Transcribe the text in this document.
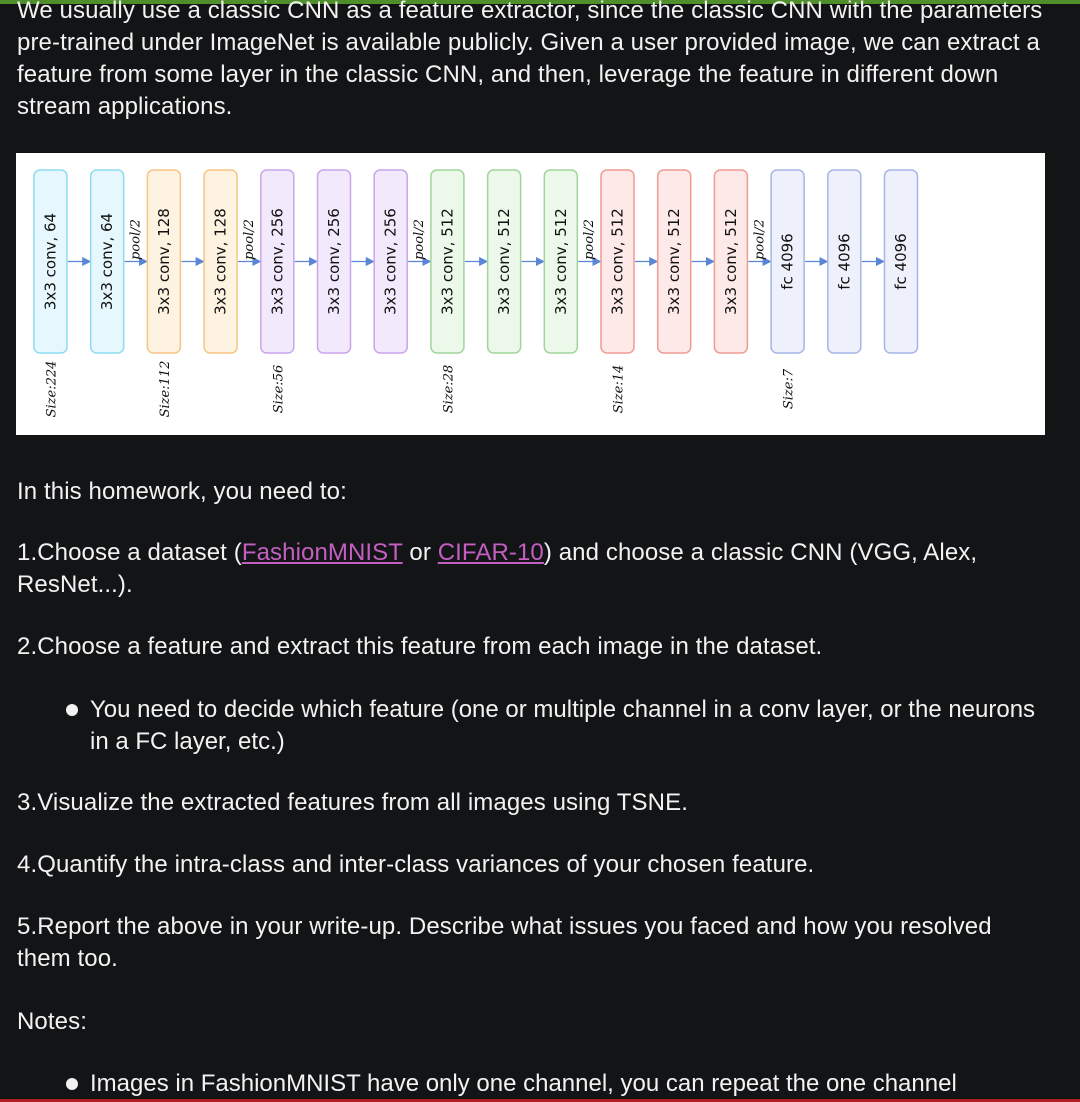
We usually use a classic CNN as a feature extractor, since the classic CNN with the parameters pre-trained under ImageNet is available publicly. Given a user provided image, we can extract a feature from some layer in the classic CNN, and then, leverage the feature in different down stream applications.

3x3 conv, 64
Size:224
3x3 conv, 64 pool/2 3x3 conv, 128
Size:112
3x3 conv, 128 pool/2 3x3 conv, 256
Size:56
3x3 conv, 256	3x3 conv, 256 pool/2 3x3 conv, 512
Size:28
3x3 conv, 512	3x3 conv, 512 pool/2 3x3 conv, 512
Size:14
3x3 conv, 512	3x3 conv, 512 pool/2 fc 4096
Size:7
fc 4096	fc 4096

In this homework, you need to:

1.Choose a dataset (FashionMNIST or CIFAR-10) and choose a classic CNN (VGG, Alex, ResNet...).

2.Choose a feature and extract this feature from each image in the dataset.

You need to decide which feature (one or multiple channel in a conv layer, or the neurons in a FC layer, etc.)

3.Visualize the extracted features from all images using TSNE.

4.Quantify the intra-class and inter-class variances of your chosen feature.

5.Report the above in your write-up. Describe what issues you faced and how you resolved them too.

Notes:

Images in FashionMNIST have only one channel, you can repeat the one channel
